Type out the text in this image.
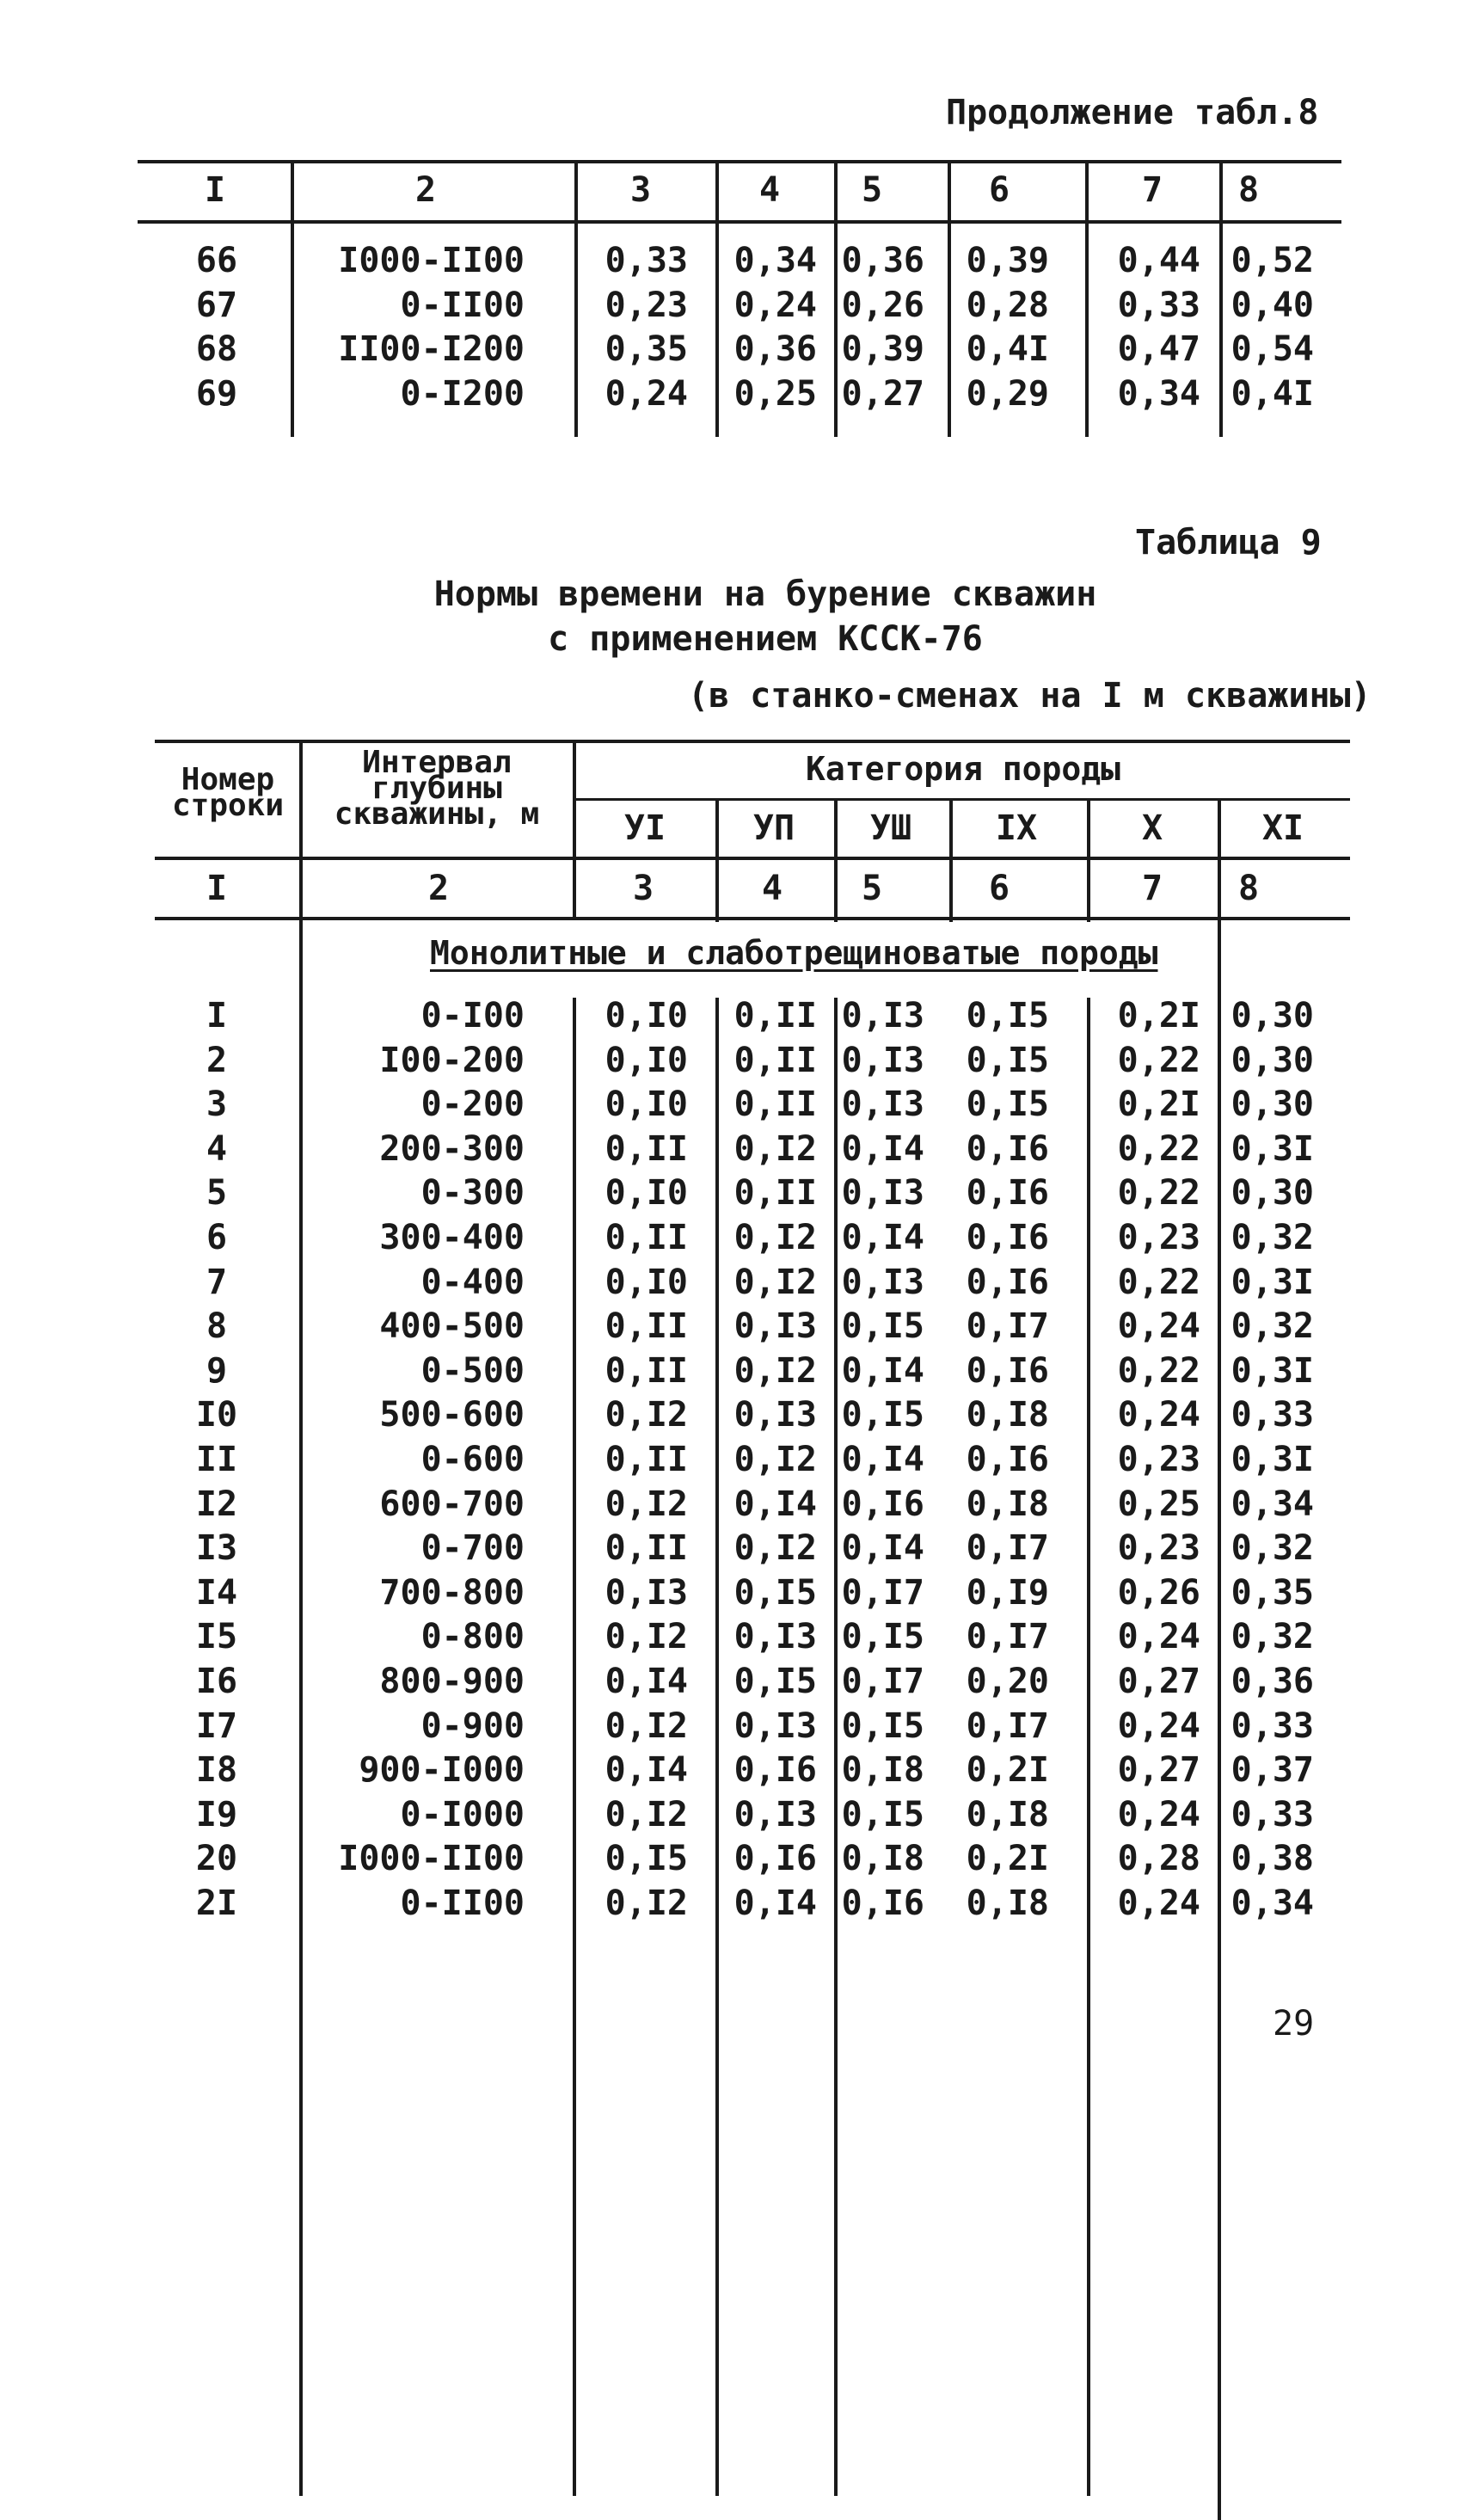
Продолжение табл.8
I	2	3	4 5	6	7 8
66	I000-II00 0,33 0,34 0,36 0,39 0,44 0,52
67	0-II00 0,23 0,24 0,26 0,28 0,33 0,40
68	II00-I200 0,35 0,36 0,39 0,4I 0,47 0,54
69	0-I200 0,24 0,25 0,27 0,29 0,34 0,4I
Таблица 9
Нормы времени на бурение скважин
с применением КССК-76
(в станко-сменах на I м скважины)
Номер
строки
Интервал
глубины
скважины, м
Категория породы
УI	УП УШ IX	X	XI
I	2	3	4 5	6	7 8
Монолитные и слаботрещиноватые породы
I	0-I00 0,I0 0,II 0,I3 0,I5 0,2I 0,30
2	I00-200 0,I0 0,II 0,I3 0,I5 0,22 0,30
3	0-200 0,I0 0,II 0,I3 0,I5 0,2I 0,30
4	200-300 0,II 0,I2 0,I4 0,I6 0,22 0,3I
5	0-300 0,I0 0,II 0,I3 0,I6 0,22 0,30
6	300-400 0,II 0,I2 0,I4 0,I6 0,23 0,32
7	0-400 0,I0 0,I2 0,I3 0,I6 0,22 0,3I
8	400-500 0,II 0,I3 0,I5 0,I7 0,24 0,32
9	0-500 0,II 0,I2 0,I4 0,I6 0,22 0,3I
I0	500-600 0,I2 0,I3 0,I5 0,I8 0,24 0,33
II	0-600 0,II 0,I2 0,I4 0,I6 0,23 0,3I
I2	600-700 0,I2 0,I4 0,I6 0,I8 0,25 0,34
I3	0-700 0,II 0,I2 0,I4 0,I7 0,23 0,32
I4	700-800 0,I3 0,I5 0,I7 0,I9 0,26 0,35
I5	0-800 0,I2 0,I3 0,I5 0,I7 0,24 0,32
I6	800-900 0,I4 0,I5 0,I7 0,20 0,27 0,36
I7	0-900 0,I2 0,I3 0,I5 0,I7 0,24 0,33
I8	900-I000 0,I4 0,I6 0,I8 0,2I 0,27 0,37
I9	0-I000 0,I2 0,I3 0,I5 0,I8 0,24 0,33
20	I000-II00 0,I5 0,I6 0,I8 0,2I 0,28 0,38
2I	0-II00 0,I2 0,I4 0,I6 0,I8 0,24 0,34
29
